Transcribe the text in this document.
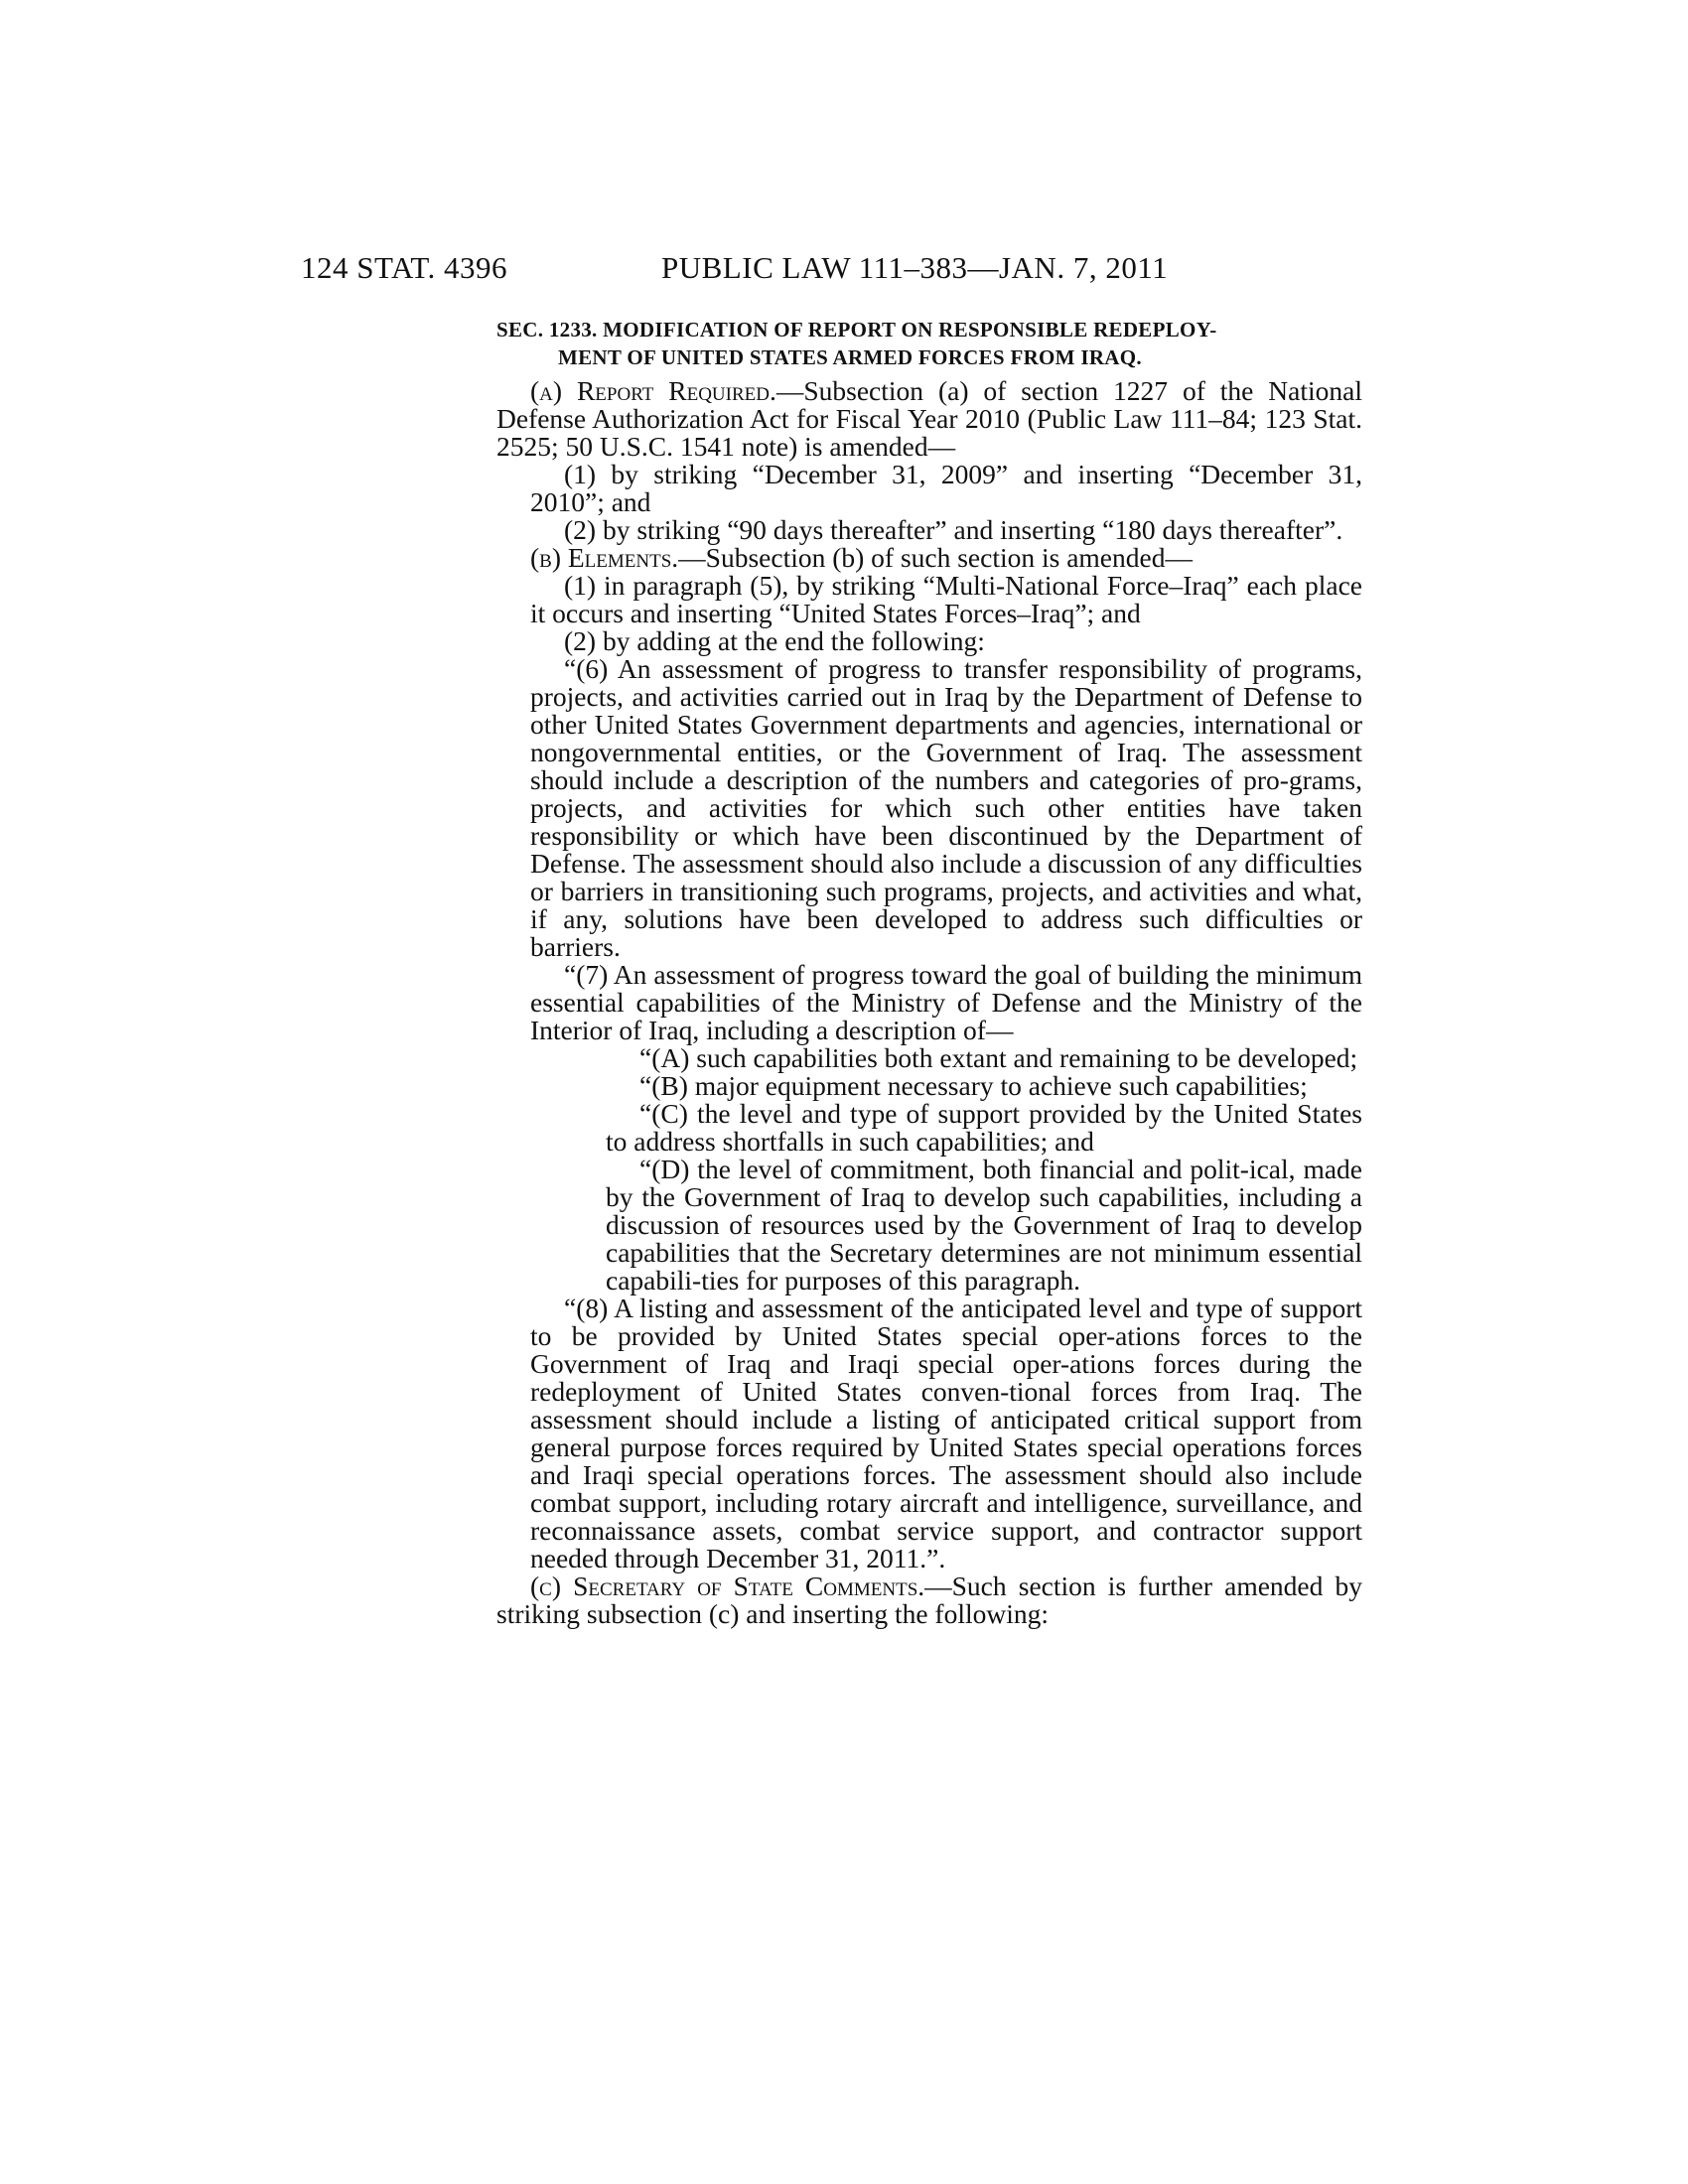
124 STAT. 4396	PUBLIC LAW 111–383—JAN. 7, 2011
SEC. 1233. MODIFICATION OF REPORT ON RESPONSIBLE REDEPLOY-
MENT OF UNITED STATES ARMED FORCES FROM IRAQ.

(a) Report Required.—Subsection (a) of section 1227 of the National Defense Authorization Act for Fiscal Year 2010 (Public Law 111–84; 123 Stat. 2525; 50 U.S.C. 1541 note) is amended—

(1) by striking “December 31, 2009” and inserting “December 31, 2010”; and

(2) by striking “90 days thereafter” and inserting “180 days thereafter”.

(b) Elements.—Subsection (b) of such section is amended—

(1) in paragraph (5), by striking “Multi-National Force–Iraq” each place it occurs and inserting “United States Forces–Iraq”; and

(2) by adding at the end the following:

“(6) An assessment of progress to transfer responsibility of programs, projects, and activities carried out in Iraq by the Department of Defense to other United States Government departments and agencies, international or nongovernmental entities, or the Government of Iraq. The assessment should include a description of the numbers and categories of pro-grams, projects, and activities for which such other entities have taken responsibility or which have been discontinued by the Department of Defense. The assessment should also include a discussion of any difficulties or barriers in transitioning such programs, projects, and activities and what, if any, solutions have been developed to address such difficulties or barriers.

“(7) An assessment of progress toward the goal of building the minimum essential capabilities of the Ministry of Defense and the Ministry of the Interior of Iraq, including a description of—

“(A) such capabilities both extant and remaining to be developed;

“(B) major equipment necessary to achieve such capabilities;

“(C) the level and type of support provided by the United States to address shortfalls in such capabilities; and

“(D) the level of commitment, both financial and polit-ical, made by the Government of Iraq to develop such capabilities, including a discussion of resources used by the Government of Iraq to develop capabilities that the Secretary determines are not minimum essential capabili-ties for purposes of this paragraph.

“(8) A listing and assessment of the anticipated level and type of support to be provided by United States special oper-ations forces to the Government of Iraq and Iraqi special oper-ations forces during the redeployment of United States conven-tional forces from Iraq. The assessment should include a listing of anticipated critical support from general purpose forces required by United States special operations forces and Iraqi special operations forces. The assessment should also include combat support, including rotary aircraft and intelligence, surveillance, and reconnaissance assets, combat service support, and contractor support needed through December 31, 2011.”.

(c) Secretary of State Comments.—Such section is further amended by striking subsection (c) and inserting the following:
